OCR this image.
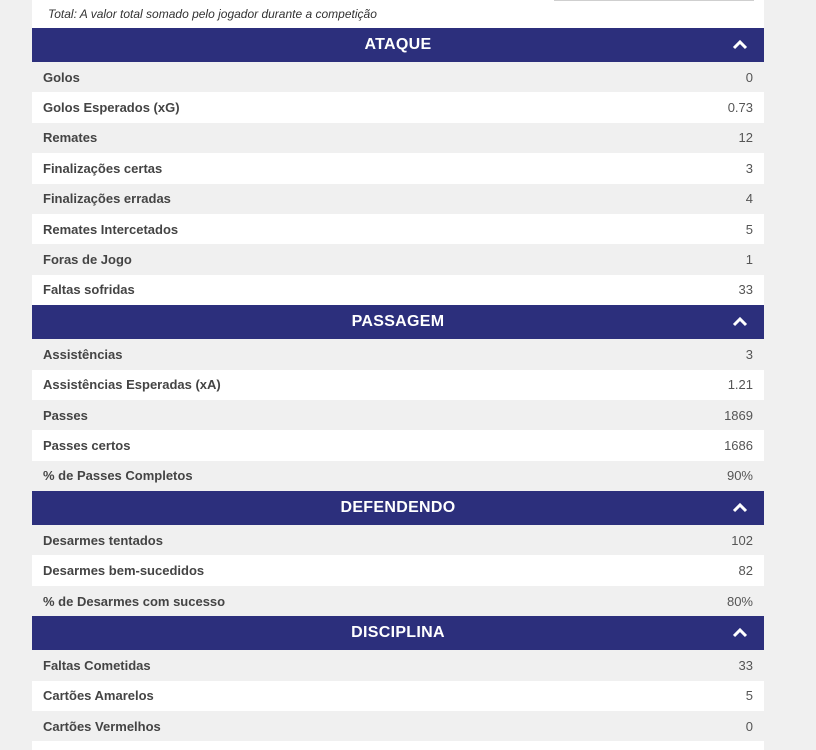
Total: A valor total somado pelo jogador durante a competição
ATAQUE
Golos	0
Golos Esperados (xG)	0.73
Remates	12
Finalizações certas	3
Finalizações erradas	4
Remates Intercetados	5
Foras de Jogo	1
Faltas sofridas	33
PASSAGEM
Assistências	3
Assistências Esperadas (xA)	1.21
Passes	1869
Passes certos	1686
% de Passes Completos	90%
DEFENDENDO
Desarmes tentados	102
Desarmes bem-sucedidos	82
% de Desarmes com sucesso	80%
DISCIPLINA
Faltas Cometidas	33
Cartões Amarelos	5
Cartões Vermelhos	0
